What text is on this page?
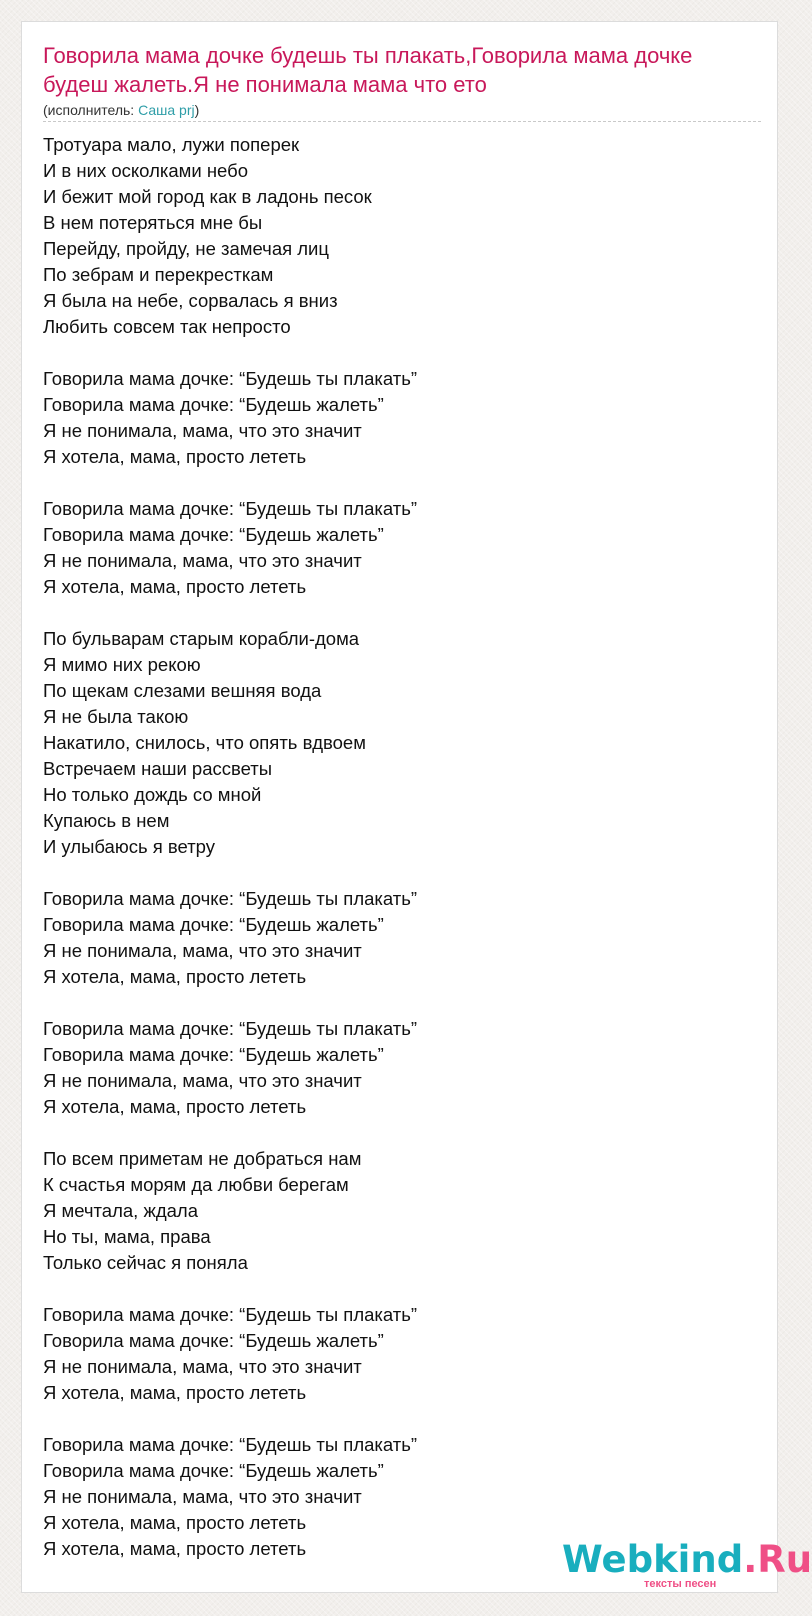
Говорила мама дочке будешь ты плакать,Говорила мама дочке будеш жалеть.Я не понимала мама что ето
(исполнитель: Саша prj)
Тротуара мало, лужи поперек
И в них осколками небо
И бежит мой город как в ладонь песок
В нем потеряться мне бы
Перейду, пройду, не замечая лиц
По зебрам и перекресткам
Я была на небе, сорвалась я вниз
Любить совсем так непросто
Говорила мама дочке: “Будешь ты плакать”
Говорила мама дочке: “Будешь жалеть”
Я не понимала, мама, что это значит
Я хотела, мама, просто лететь
Говорила мама дочке: “Будешь ты плакать”
Говорила мама дочке: “Будешь жалеть”
Я не понимала, мама, что это значит
Я хотела, мама, просто лететь
По бульварам старым корабли-дома
Я мимо них рекою
По щекам слезами вешняя вода
Я не была такою
Накатило, снилось, что опять вдвоем
Встречаем наши рассветы
Но только дождь со мной
Купаюсь в нем
И улыбаюсь я ветру
Говорила мама дочке: “Будешь ты плакать”
Говорила мама дочке: “Будешь жалеть”
Я не понимала, мама, что это значит
Я хотела, мама, просто лететь
Говорила мама дочке: “Будешь ты плакать”
Говорила мама дочке: “Будешь жалеть”
Я не понимала, мама, что это значит
Я хотела, мама, просто лететь
По всем приметам не добраться нам
К счастья морям да любви берегам
Я мечтала, ждала
Но ты, мама, права
Только сейчас я поняла
Говорила мама дочке: “Будешь ты плакать”
Говорила мама дочке: “Будешь жалеть”
Я не понимала, мама, что это значит
Я хотела, мама, просто лететь
Говорила мама дочке: “Будешь ты плакать”
Говорила мама дочке: “Будешь жалеть”
Я не понимала, мама, что это значит
Я хотела, мама, просто лететь
Я хотела, мама, просто лететь	Webkind.Ru
тексты песен
